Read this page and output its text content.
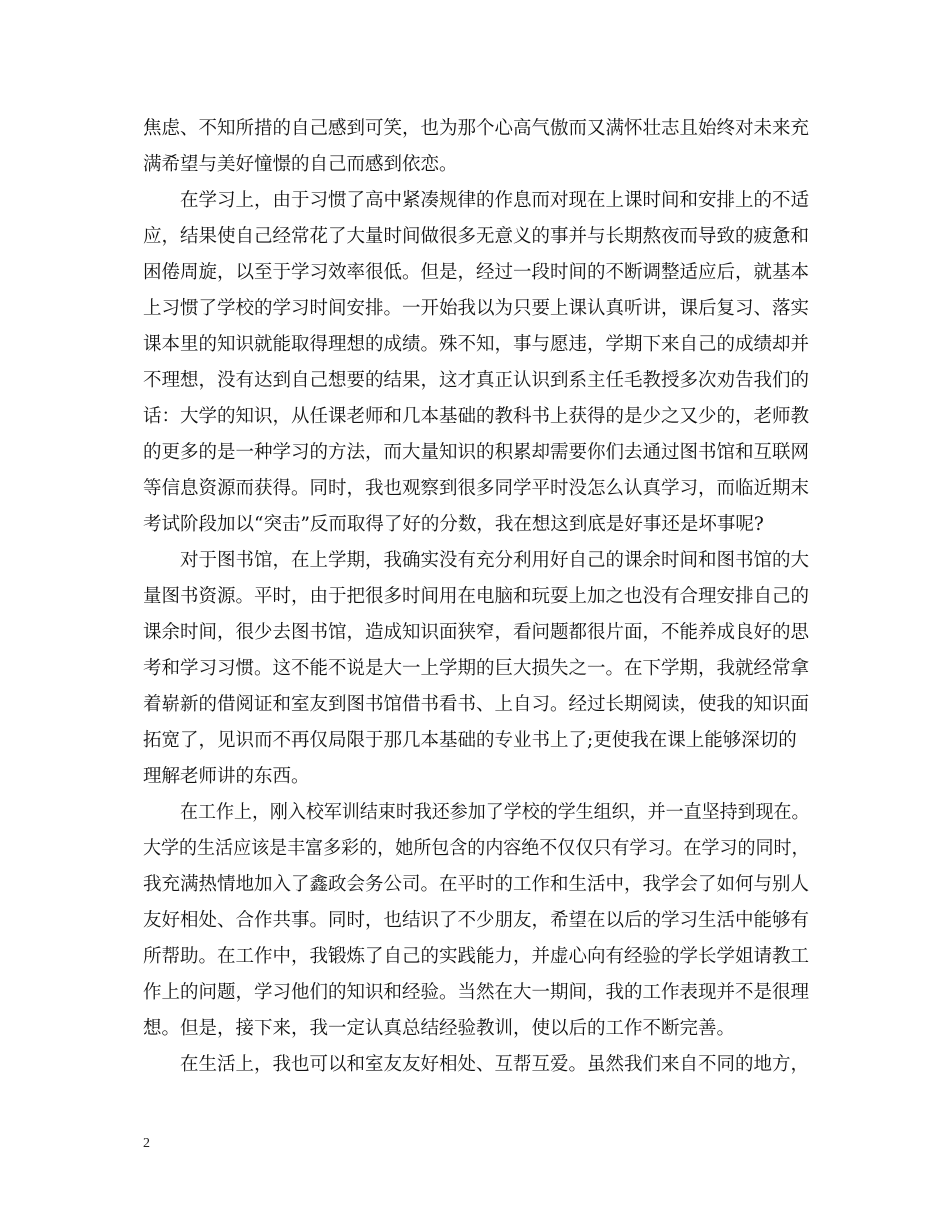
焦虑、不知所措的自己感到可笑，也为那个心高气傲而又满怀壮志且始终对未来充
满希望与美好憧憬的自己而感到依恋。
在学习上，由于习惯了高中紧凑规律的作息而对现在上课时间和安排上的不适
应，结果使自己经常花了大量时间做很多无意义的事并与长期熬夜而导致的疲惫和
困倦周旋，以至于学习效率很低。但是，经过一段时间的不断调整适应后，就基本
上习惯了学校的学习时间安排。一开始我以为只要上课认真听讲，课后复习、落实
课本里的知识就能取得理想的成绩。殊不知，事与愿违，学期下来自己的成绩却并
不理想，没有达到自己想要的结果，这才真正认识到系主任毛教授多次劝告我们的
话：大学的知识，从任课老师和几本基础的教科书上获得的是少之又少的，老师教
的更多的是一种学习的方法，而大量知识的积累却需要你们去通过图书馆和互联网
等信息资源而获得。同时，我也观察到很多同学平时没怎么认真学习，而临近期末
考试阶段加以“突击”反而取得了好的分数，我在想这到底是好事还是坏事呢?
对于图书馆，在上学期，我确实没有充分利用好自己的课余时间和图书馆的大
量图书资源。平时，由于把很多时间用在电脑和玩耍上加之也没有合理安排自己的
课余时间，很少去图书馆，造成知识面狭窄，看问题都很片面，不能养成良好的思
考和学习习惯。这不能不说是大一上学期的巨大损失之一。在下学期，我就经常拿
着崭新的借阅证和室友到图书馆借书看书、上自习。经过长期阅读，使我的知识面
拓宽了，见识而不再仅局限于那几本基础的专业书上了;更使我在课上能够深切的
理解老师讲的东西。
在工作上，刚入校军训结束时我还参加了学校的学生组织，并一直坚持到现在。
大学的生活应该是丰富多彩的，她所包含的内容绝不仅仅只有学习。在学习的同时，
我充满热情地加入了鑫政会务公司。在平时的工作和生活中，我学会了如何与别人
友好相处、合作共事。同时，也结识了不少朋友，希望在以后的学习生活中能够有
所帮助。在工作中，我锻炼了自己的实践能力，并虚心向有经验的学长学姐请教工
作上的问题，学习他们的知识和经验。当然在大一期间，我的工作表现并不是很理
想。但是，接下来，我一定认真总结经验教训，使以后的工作不断完善。
在生活上，我也可以和室友友好相处、互帮互爱。虽然我们来自不同的地方，
2
